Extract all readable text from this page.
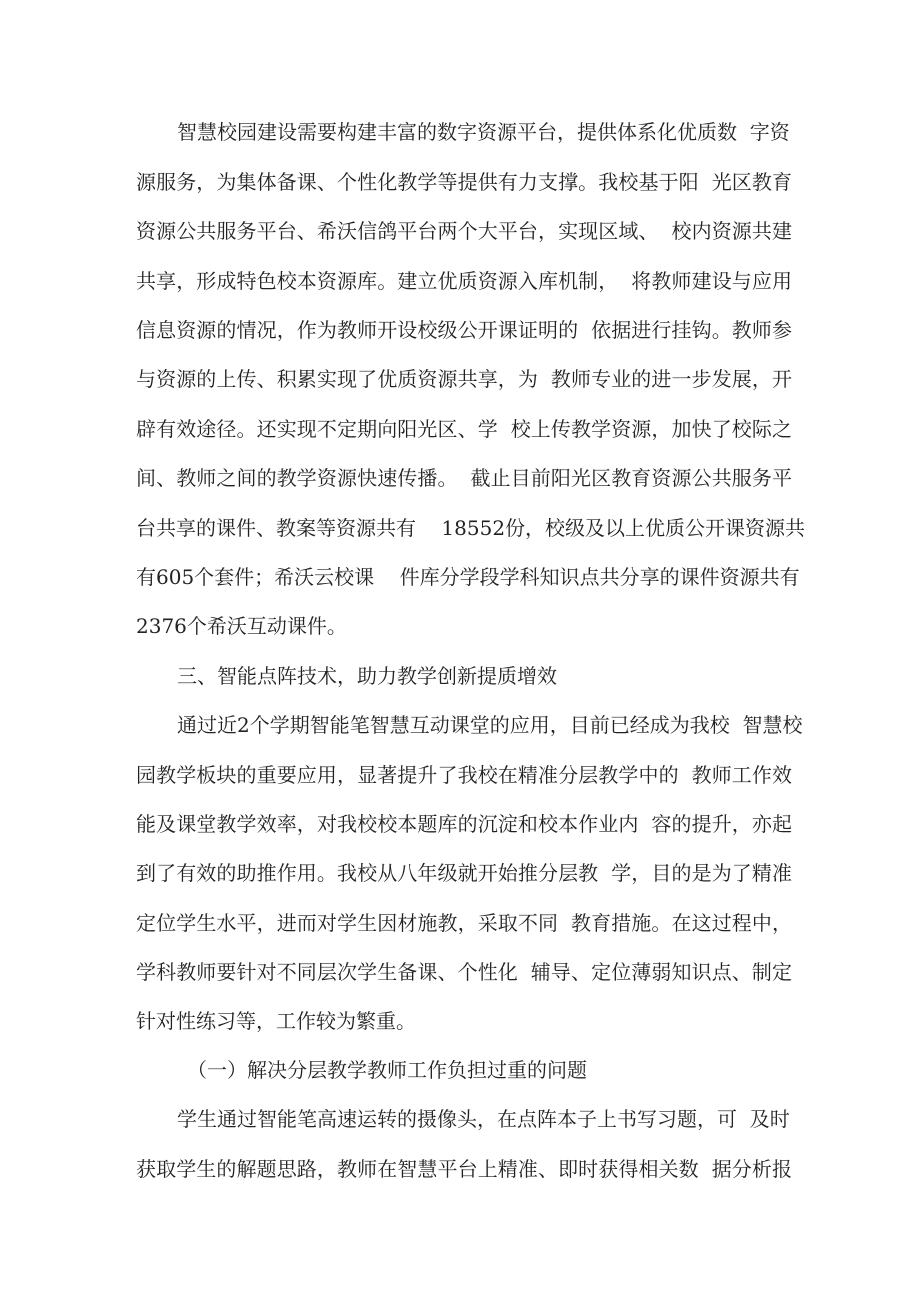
智慧校园建设需要构建丰富的数字资源平台，提供体系化优质数  字资
源服务，为集体备课、个性化教学等提供有力支撑。我校基于阳  光区教育
资源公共服务平台、希沃信鸽平台两个大平台，实现区域、  校内资源共建
共享，形成特色校本资源库。建立优质资源入库机制，  将教师建设与应用
信息资源的情况，作为教师开设校级公开课证明的  依据进行挂钩。教师参
与资源的上传、积累实现了优质资源共享，为  教师专业的进一步发展，开
辟有效途径。还实现不定期向阳光区、学  校上传教学资源，加快了校际之
间、教师之间的教学资源快速传播。  截止目前阳光区教育资源公共服务平
台共享的课件、教案等资源共有    18552份，校级及以上优质公开课资源共
有605个套件；希沃云校课    件库分学段学科知识点共分享的课件资源共有
2376个希沃互动课件。
三、智能点阵技术，助力教学创新提质增效
通过近2个学期智能笔智慧互动课堂的应用，目前已经成为我校  智慧校
园教学板块的重要应用，显著提升了我校在精准分层教学中的  教师工作效
能及课堂教学效率，对我校校本题库的沉淀和校本作业内  容的提升，亦起
到了有效的助推作用。我校从八年级就开始推分层教  学，目的是为了精准
定位学生水平，进而对学生因材施教，采取不同  教育措施。在这过程中，
学科教师要针对不同层次学生备课、个性化  辅导、定位薄弱知识点、制定
针对性练习等，工作较为繁重。
（一）解决分层教学教师工作负担过重的问题
学生通过智能笔高速运转的摄像头，在点阵本子上书写习题，可  及时
获取学生的解题思路，教师在智慧平台上精准、即时获得相关数  据分析报
